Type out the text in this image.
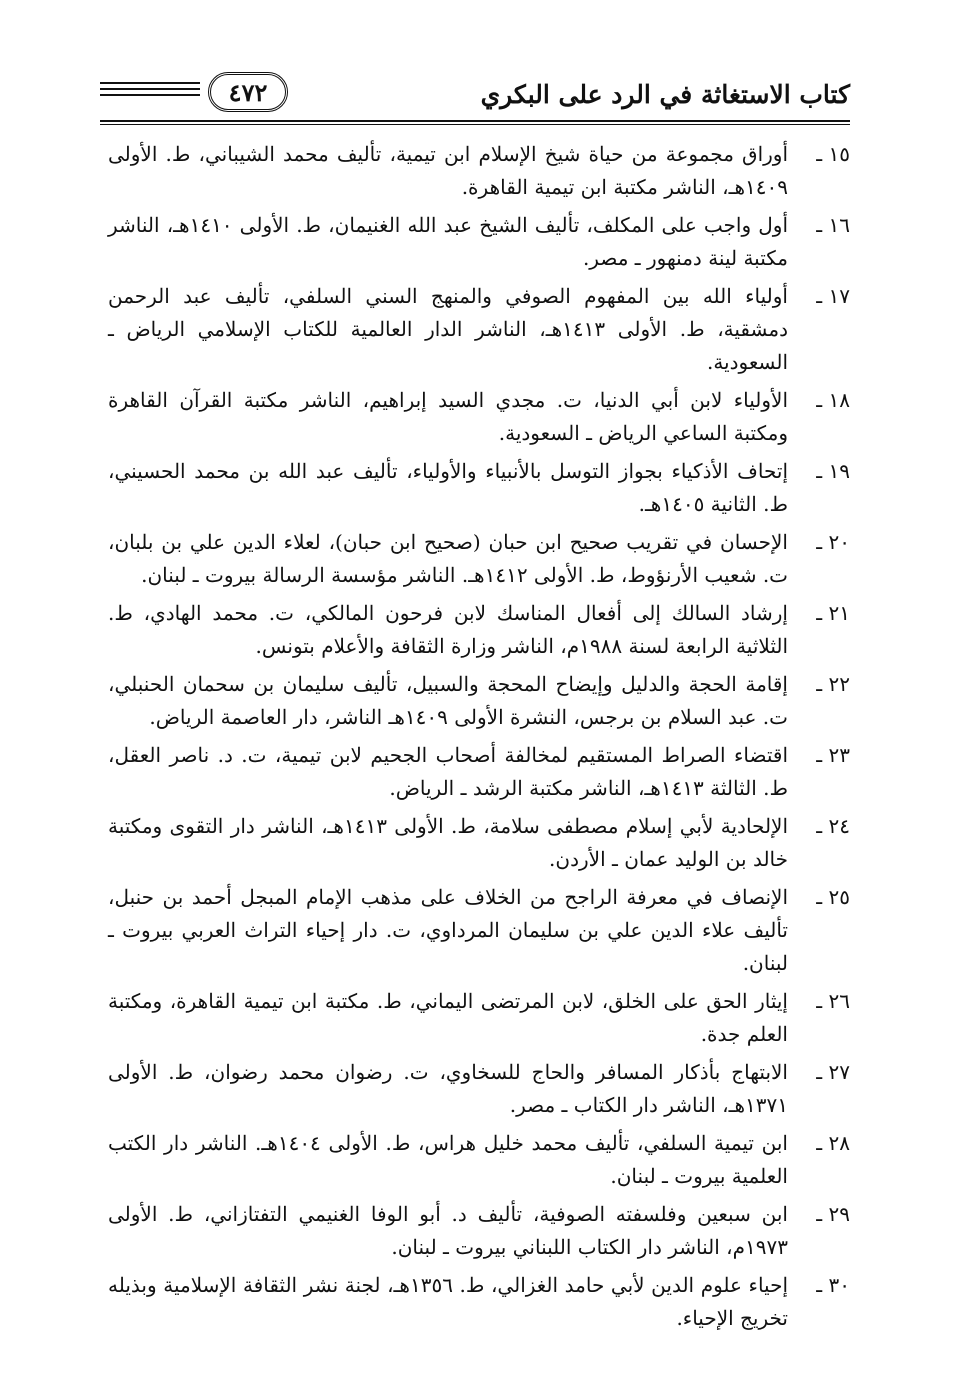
كتاب الاستغاثة في الرد على البكري
٤٧٢
١٥ ـ
أوراق مجموعة من حياة شيخ الإسلام ابن تيمية، تأليف محمد الشيباني، ط. الأولى ١٤٠٩هـ، الناشر مكتبة ابن تيمية القاهرة.
١٦ ـ
أول واجب على المكلف، تأليف الشيخ عبد الله الغنيمان، ط. الأولى ١٤١٠هـ، الناشر مكتبة لينة دمنهور ـ مصر.
١٧ ـ
أولياء الله بين المفهوم الصوفي والمنهج السني السلفي، تأليف عبد الرحمن دمشقية، ط. الأولى ١٤١٣هـ، الناشر الدار العالمية للكتاب الإسلامي الرياض ـ السعودية.
١٨ ـ
الأولياء لابن أبي الدنيا، ت. مجدي السيد إبراهيم، الناشر مكتبة القرآن القاهرة ومكتبة الساعي الرياض ـ السعودية.
١٩ ـ
إتحاف الأذكياء بجواز التوسل بالأنبياء والأولياء، تأليف عبد الله بن محمد الحسيني، ط. الثانية ١٤٠٥هـ.
٢٠ ـ
الإحسان في تقريب صحيح ابن حبان (صحيح ابن حبان)، لعلاء الدين علي بن بلبان، ت. شعيب الأرنؤوط، ط. الأولى ١٤١٢هـ. الناشر مؤسسة الرسالة بيروت ـ لبنان.
٢١ ـ
إرشاد السالك إلى أفعال المناسك لابن فرحون المالكي، ت. محمد الهادي، ط. الثلاثية الرابعة لسنة ١٩٨٨م، الناشر وزارة الثقافة والأعلام بتونس.
٢٢ ـ
إقامة الحجة والدليل وإيضاح المحجة والسبيل، تأليف سليمان بن سحمان الحنبلي، ت. عبد السلام بن برجس، النشرة الأولى ١٤٠٩هـ الناشر، دار العاصمة الرياض.
٢٣ ـ
اقتضاء الصراط المستقيم لمخالفة أصحاب الجحيم لابن تيمية، ت. د. ناصر العقل، ط. الثالثة ١٤١٣هـ، الناشر مكتبة الرشد ـ الرياض.
٢٤ ـ
الإلحادية لأبي إسلام مصطفى سلامة، ط. الأولى ١٤١٣هـ، الناشر دار التقوى ومكتبة خالد بن الوليد عمان ـ الأردن.
٢٥ ـ
الإنصاف في معرفة الراجح من الخلاف على مذهب الإمام المبجل أحمد بن حنبل، تأليف علاء الدين علي بن سليمان المرداوي، ت. دار إحياء التراث العربي بيروت ـ لبنان.
٢٦ ـ
إيثار الحق على الخلق، لابن المرتضى اليماني، ط. مكتبة ابن تيمية القاهرة، ومكتبة العلم جدة.
٢٧ ـ
الابتهاج بأذكار المسافر والحاج للسخاوي، ت. رضوان محمد رضوان، ط. الأولى ١٣٧١هـ، الناشر دار الكتاب ـ مصر.
٢٨ ـ
ابن تيمية السلفي، تأليف محمد خليل هراس، ط. الأولى ١٤٠٤هـ. الناشر دار الكتب العلمية بيروت ـ لبنان.
٢٩ ـ
ابن سبعين وفلسفته الصوفية، تأليف د. أبو الوفا الغنيمي التفتازاني، ط. الأولى ١٩٧٣م، الناشر دار الكتاب اللبناني بيروت ـ لبنان.
٣٠ ـ
إحياء علوم الدين لأبي حامد الغزالي، ط. ١٣٥٦هـ، لجنة نشر الثقافة الإسلامية وبذيله تخريج الإحياء.
